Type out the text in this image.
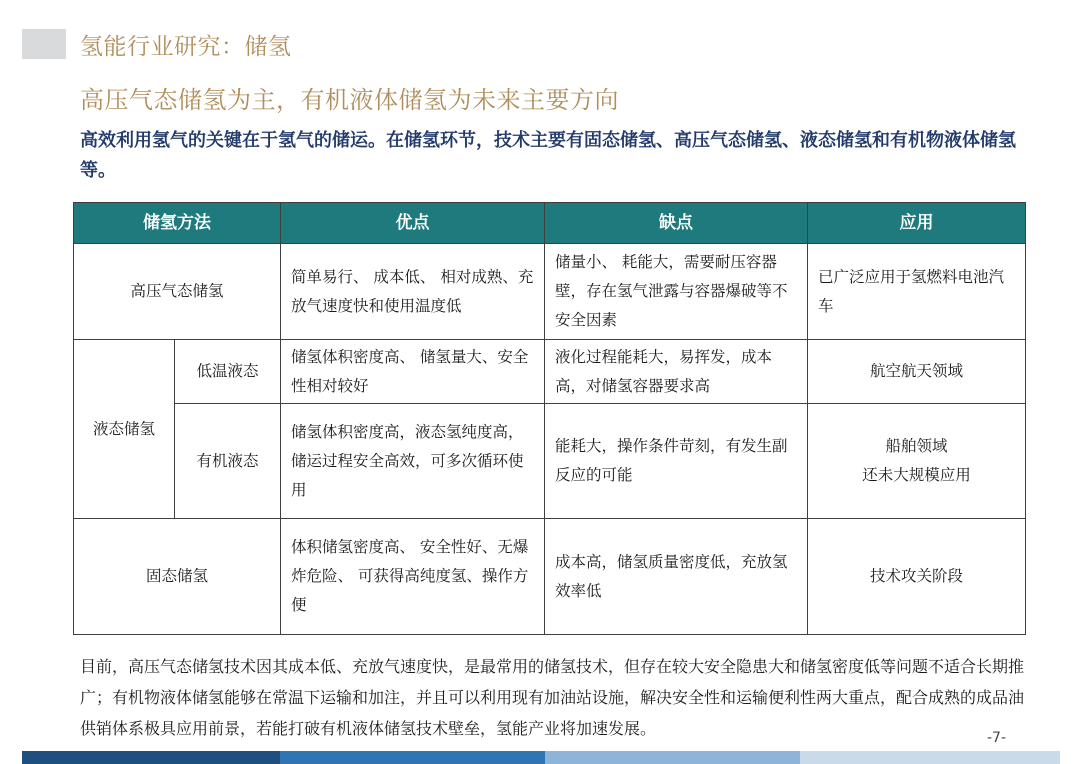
氢能行业研究：储氢
高压气态储氢为主，有机液体储氢为未来主要方向
高效利用氢气的关键在于氢气的储运。在储氢环节，技术主要有固态储氢、高压气态储氢、液态储氢和有机物液体储氢等。
储氢方法		优点	缺点	应用
高压气态储氢		简单易行、 成本低、 相对成熟、充放气速度快和使用温度低	储量小、 耗能大，需要耐压容器壁，存在氢气泄露与容器爆破等不安全因素	已广泛应用于氢燃料电池汽车
液态储氢	低温液态	储氢体积密度高、 储氢量大、安全性相对较好	液化过程能耗大，易挥发，成本高，对储氢容器要求高	航空航天领域
	有机液态	储氢体积密度高，液态氢纯度高，储运过程安全高效，可多次循环使用	能耗大，操作条件苛刻，有发生副反应的可能	船舶领域
还未大规模应用

固态储氢		体积储氢密度高、 安全性好、无爆炸危险、 可获得高纯度氢、操作方便	成本高，储氢质量密度低，充放氢效率低	技术攻关阶段
目前，高压气态储氢技术因其成本低、充放气速度快，是最常用的储氢技术，但存在较大安全隐患大和储氢密度低等问题不适合长期推广；有机物液体储氢能够在常温下运输和加注，并且可以利用现有加油站设施，解决安全性和运输便利性两大重点，配合成熟的成品油供销体系极具应用前景，若能打破有机液体储氢技术壁垒，氢能产业将加速发展。	-7-
